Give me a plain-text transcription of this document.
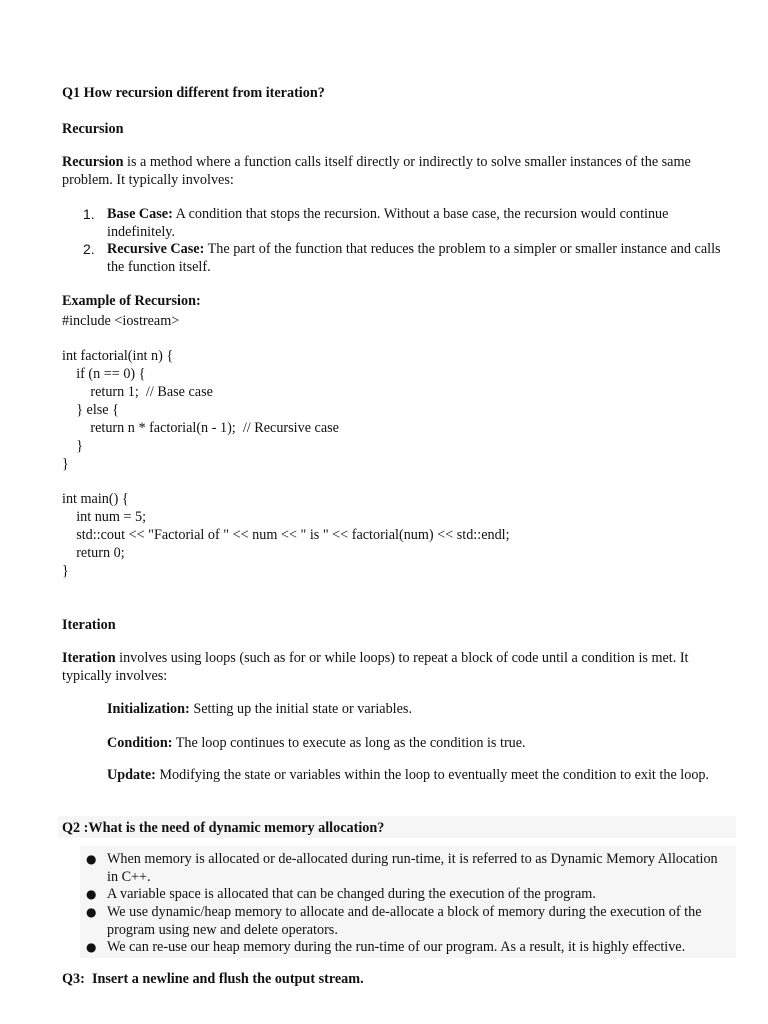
Q1 How recursion different from iteration?
Recursion
Recursion is a method where a function calls itself directly or indirectly to solve smaller instances of the same problem. It typically involves:
1. Base Case: A condition that stops the recursion. Without a base case, the recursion would continue indefinitely.
2. Recursive Case: The part of the function that reduces the problem to a simpler or smaller instance and calls the function itself.
Example of Recursion:
#include <iostream>
int factorial(int n) {
if (n == 0) {
return 1;  // Base case
} else {
return n * factorial(n - 1);  // Recursive case
}
}
int main() {
int num = 5;
std::cout << "Factorial of " << num << " is " << factorial(num) << std::endl;
return 0;
}
Iteration
Iteration involves using loops (such as for or while loops) to repeat a block of code until a condition is met. It typically involves:
Initialization: Setting up the initial state or variables.
Condition: The loop continues to execute as long as the condition is true.
Update: Modifying the state or variables within the loop to eventually meet the condition to exit the loop.
Q2 :What is the need of dynamic memory allocation?
● When memory is allocated or de-allocated during run-time, it is referred to as Dynamic Memory Allocation in C++.
● A variable space is allocated that can be changed during the execution of the program.
● We use dynamic/heap memory to allocate and de-allocate a block of memory during the execution of the program using new and delete operators.
● We can re-use our heap memory during the run-time of our program. As a result, it is highly effective.
Q3:  Insert a newline and flush the output stream.
